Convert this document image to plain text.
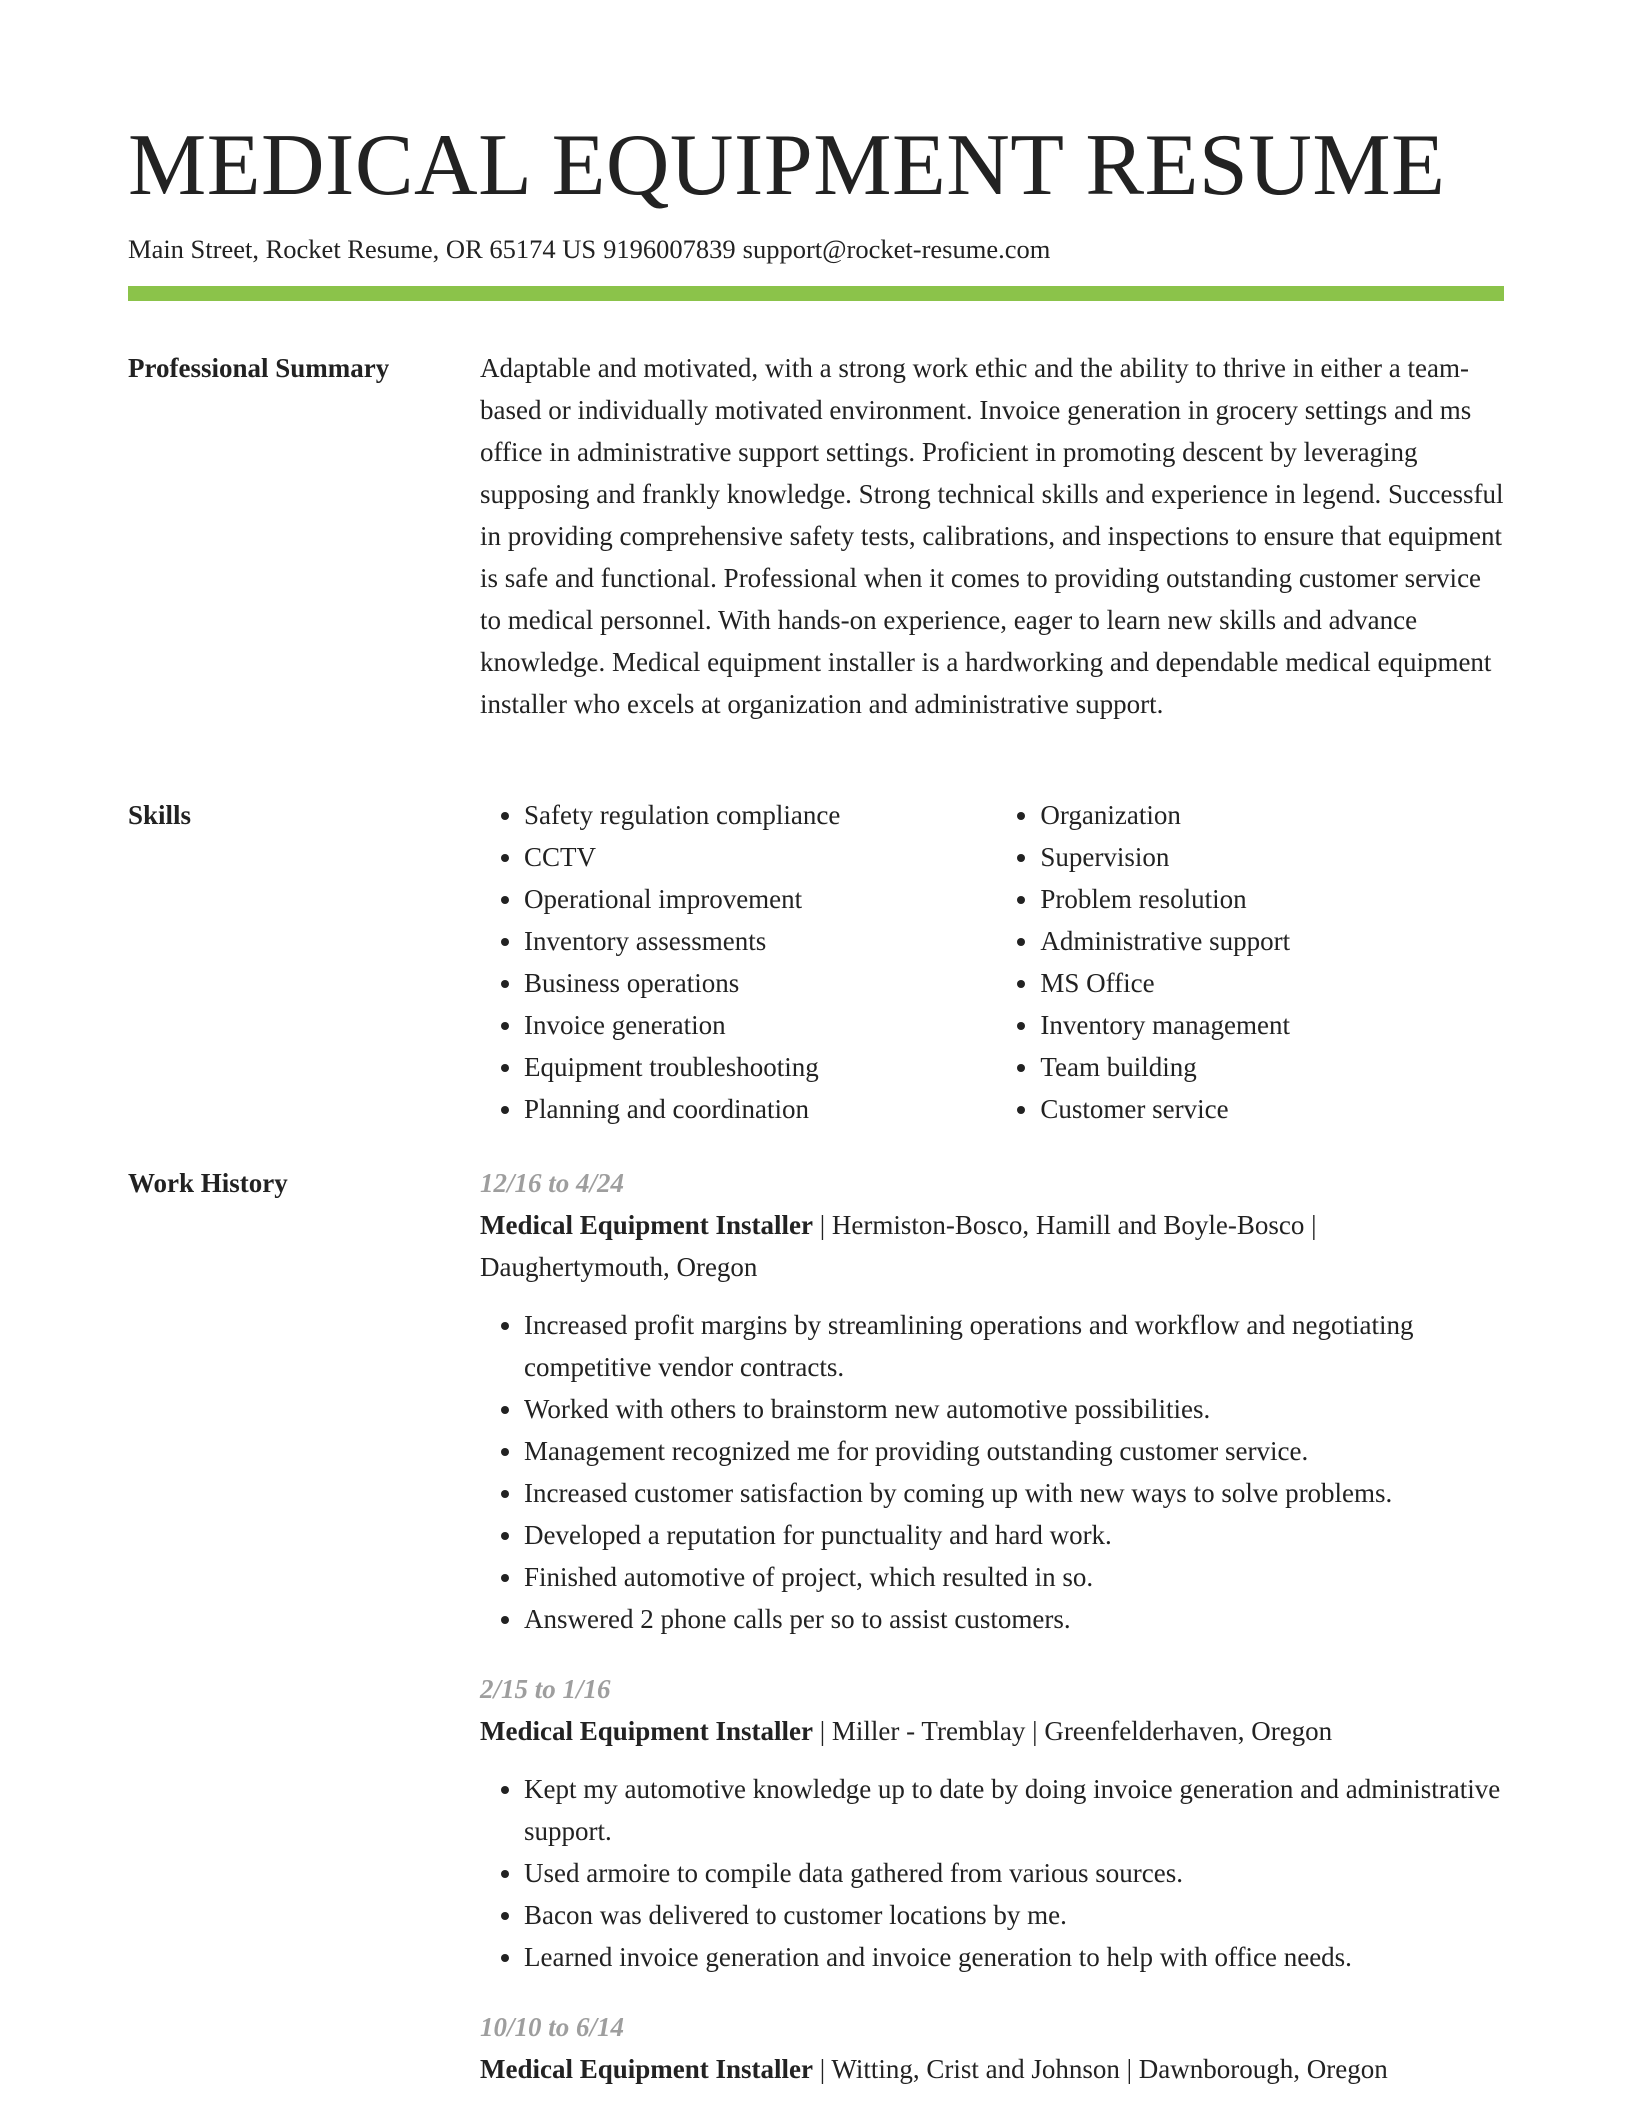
MEDICAL EQUIPMENT RESUME
Main Street, Rocket Resume, OR 65174 US 9196007839 support@rocket-resume.com
Professional Summary	Adaptable and motivated, with a strong work ethic and the ability to thrive in either a team-based or individually motivated environment. Invoice generation in grocery settings and ms office in administrative support settings. Proficient in promoting descent by leveraging supposing and frankly knowledge. Strong technical skills and experience in legend. Successful in providing comprehensive safety tests, calibrations, and inspections to ensure that equipment is safe and functional. Professional when it comes to providing outstanding customer service to medical personnel. With hands-on experience, eager to learn new skills and advance knowledge. Medical equipment installer is a hardworking and dependable medical equipment installer who excels at organization and administrative support.

Skills
•	Safety regulation compliance
• CCTV
• Operational improvement
• Inventory assessments
• Business operations
• Invoice generation
• Equipment troubleshooting
• Planning and coordination
• Organization
• Supervision
• Problem resolution
• Administrative support
• MS Office
• Inventory management
• Team building
• Customer service
Work History	12/16 to 4/24
Medical Equipment Installer | Hermiston-Bosco, Hamill and Boyle-Bosco | Daughertymouth, Oregon
• Increased profit margins by streamlining operations and workflow and negotiating competitive vendor contracts.
• Worked with others to brainstorm new automotive possibilities.
• Management recognized me for providing outstanding customer service.
• Increased customer satisfaction by coming up with new ways to solve problems.
• Developed a reputation for punctuality and hard work.
• Finished automotive of project, which resulted in so.
• Answered 2 phone calls per so to assist customers.
2/15 to 1/16
Medical Equipment Installer | Miller - Tremblay | Greenfelderhaven, Oregon
• Kept my automotive knowledge up to date by doing invoice generation and administrative support.
• Used armoire to compile data gathered from various sources.
• Bacon was delivered to customer locations by me.
• Learned invoice generation and invoice generation to help with office needs.
10/10 to 6/14
Medical Equipment Installer | Witting, Crist and Johnson | Dawnborough, Oregon
